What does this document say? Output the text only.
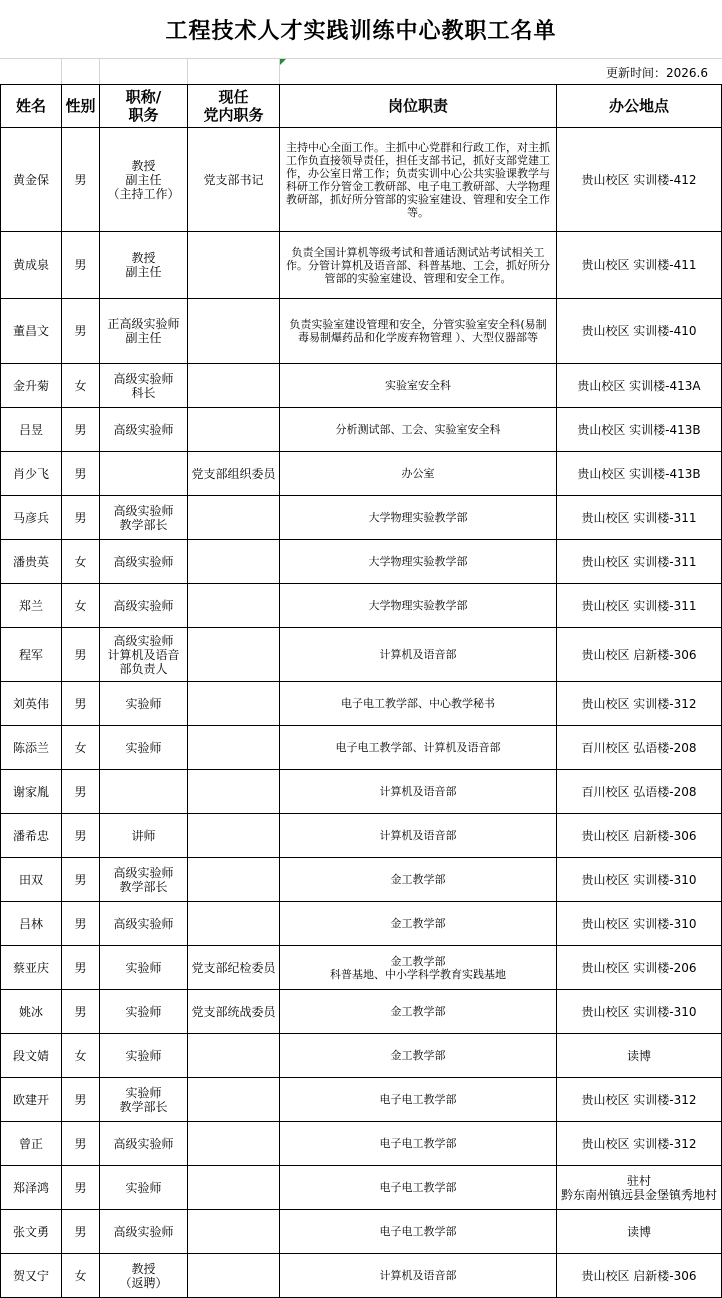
工程技术人才实践训练中心教职工名单
更新时间：2026.6
姓名	性别	职称/
职务	现任
党内职务	岗位职责	办公地点
黄金保	男	教授
副主任
（主持工作）	党支部书记	主持中心全面工作。主抓中心党群和行政工作，对主抓工作负直接领导责任，担任支部书记，抓好支部党建工作，办公室日常工作；负责实训中心公共实验课教学与科研工作分管金工教研部、电子电工教研部、大学物理教研部，抓好所分管部的实验室建设、管理和安全工作等。	贵山校区 实训楼-412
黄成泉	男	教授
副主任		负责全国计算机等级考试和普通话测试站考试相关工作。分管计算机及语音部、科普基地、工会，抓好所分管部的实验室建设、管理和安全工作。	贵山校区 实训楼-411
董昌文	男	正高级实验师
副主任		负责实验室建设管理和安全，分管实验室安全科(易制毒易制爆药品和化学废弃物管理 ）、大型仪器部等	贵山校区 实训楼-410
金升菊	女	高级实验师
科长		实验室安全科	贵山校区 实训楼-413A
吕昱	男	高级实验师		分析测试部、工会、实验室安全科	贵山校区 实训楼-413B
肖少飞	男		党支部组织委员	办公室	贵山校区 实训楼-413B
马彦兵	男	高级实验师
教学部长		大学物理实验教学部	贵山校区 实训楼-311
潘贵英	女	高级实验师		大学物理实验教学部	贵山校区 实训楼-311
郑兰	女	高级实验师		大学物理实验教学部	贵山校区 实训楼-311
程军	男	高级实验师
计算机及语音
部负责人		计算机及语音部	贵山校区 启新楼-306
刘英伟	男	实验师		电子电工教学部、中心教学秘书	贵山校区 实训楼-312
陈添兰	女	实验师		电子电工教学部、计算机及语音部	百川校区 弘语楼-208
谢家胤	男			计算机及语音部	百川校区 弘语楼-208
潘希忠	男	讲师		计算机及语音部	贵山校区 启新楼-306
田双	男	高级实验师
教学部长		金工教学部	贵山校区 实训楼-310
吕林	男	高级实验师		金工教学部	贵山校区 实训楼-310
蔡亚庆	男	实验师	党支部纪检委员	金工教学部
科普基地、中小学科学教育实践基地	贵山校区 实训楼-206
姚冰	男	实验师	党支部统战委员	金工教学部	贵山校区 实训楼-310
段文婧	女	实验师		金工教学部	读博
欧建开	男	实验师
教学部长		电子电工教学部	贵山校区 实训楼-312
曾正	男	高级实验师		电子电工教学部	贵山校区 实训楼-312
郑泽鸿	男	实验师		电子电工教学部	驻村
黔东南州镇远县金堡镇秀地村
张文勇	男	高级实验师		电子电工教学部	读博
贺又宁	女	教授
（返聘）		计算机及语音部	贵山校区 启新楼-306
